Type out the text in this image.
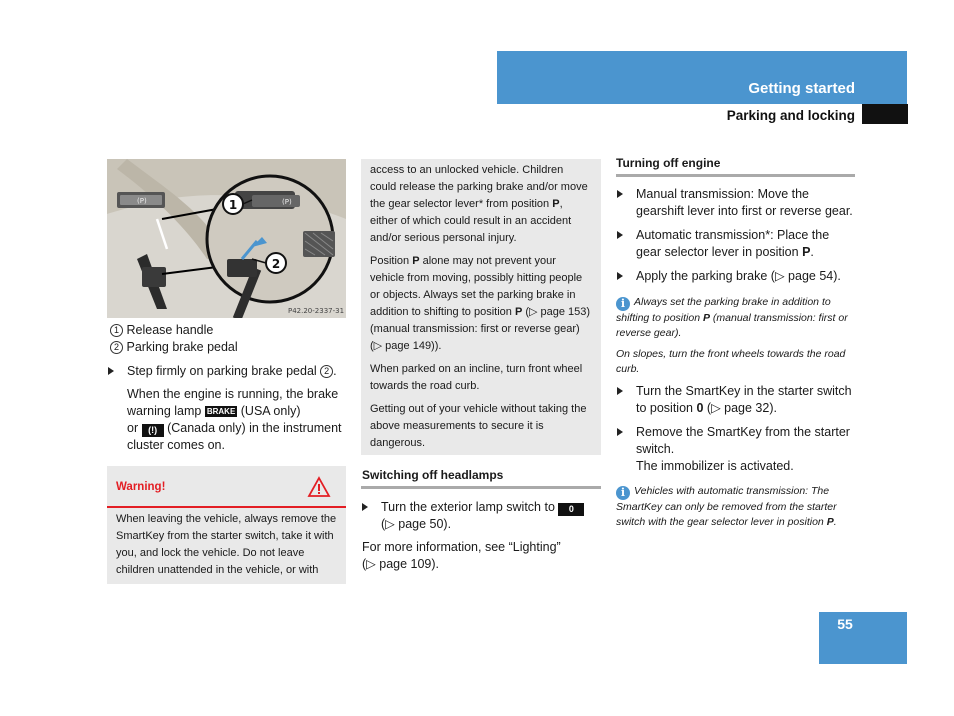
Getting started
Parking and locking
(P)	(P)
1
2
P42.20-2337-31
1 Release handle
2 Parking brake pedal
Step firmly on parking brake pedal 2 .
When the engine is running, the brake warning lamp BRAKE (USA only)
or (!) (Canada only) in the instrument cluster comes on.
Warning!
When leaving the vehicle, always remove the SmartKey from the starter switch, take it with you, and lock the vehicle. Do not leave children unattended in the vehicle, or with

access to an unlocked vehicle. Children could release the parking brake and/or move the gear selector lever* from position P, either of which could result in an accident and/or serious personal injury.

Position P alone may not prevent your vehicle from moving, possibly hitting people or objects. Always set the parking brake in addition to shifting to position P (▷ page 153) (manual transmission: first or reverse gear) (▷ page 149)).

When parked on an incline, turn front wheel towards the road curb.

Getting out of your vehicle without taking the above measurements to secure it is dangerous.

Switching off headlamps
Turn the exterior lamp switch to 0
(▷ page 50).
For more information, see “Lighting”
(▷ page 109).
Turning off engine
Manual transmission: Move the gearshift lever into first or reverse gear.
Automatic transmission*: Place the gear selector lever in position P.
Apply the parking brake (▷ page 54).
i Always set the parking brake in addition to shifting to position P (manual transmission: first or reverse gear).
On slopes, turn the front wheels towards the road curb.
Turn the SmartKey in the starter switch to position 0 (▷ page 32).
Remove the SmartKey from the starter switch.
The immobilizer is activated.
i Vehicles with automatic transmission: The SmartKey can only be removed from the starter switch with the gear selector lever in position P.
55
